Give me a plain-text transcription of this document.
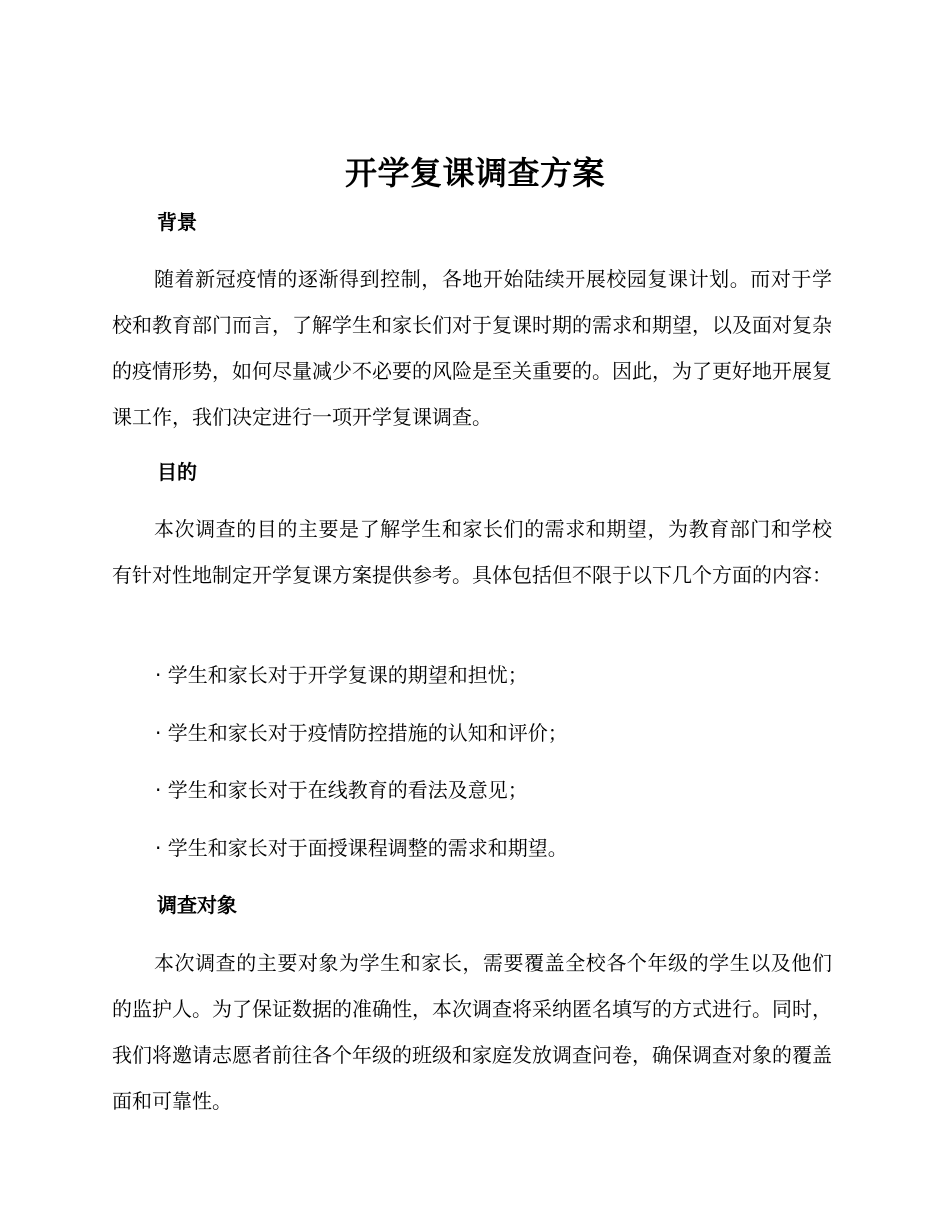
开学复课调查方案
背景
随着新冠疫情的逐渐得到控制，各地开始陆续开展校园复课计划。而对于学校和教育部门而言，了解学生和家长们对于复课时期的需求和期望，以及面对复杂的疫情形势，如何尽量减少不必要的风险是至关重要的。因此，为了更好地开展复课工作，我们决定进行一项开学复课调查。
目的
本次调查的目的主要是了解学生和家长们的需求和期望，为教育部门和学校有针对性地制定开学复课方案提供参考。具体包括但不限于以下几个方面的内容：
· 学生和家长对于开学复课的期望和担忧；
· 学生和家长对于疫情防控措施的认知和评价；
· 学生和家长对于在线教育的看法及意见；
· 学生和家长对于面授课程调整的需求和期望。
调查对象
本次调查的主要对象为学生和家长，需要覆盖全校各个年级的学生以及他们的监护人。为了保证数据的准确性，本次调查将采纳匿名填写的方式进行。同时，我们将邀请志愿者前往各个年级的班级和家庭发放调查问卷，确保调查对象的覆盖面和可靠性。
